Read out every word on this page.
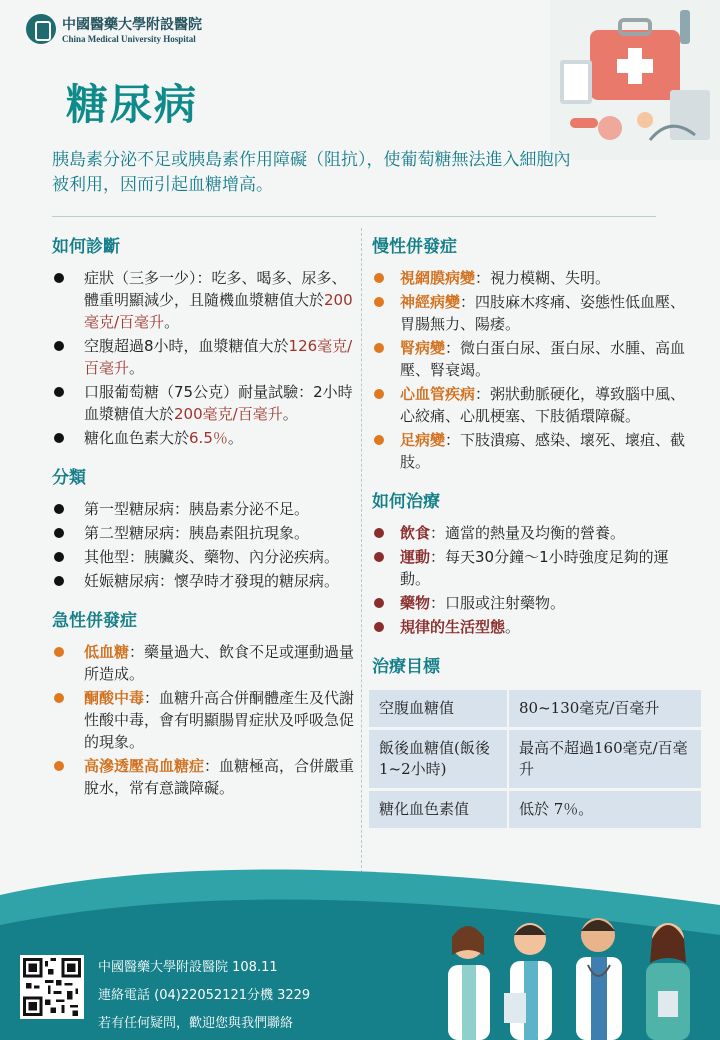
中國醫藥大學附設醫院
China Medical University Hospital
糖尿病
胰島素分泌不足或胰島素作用障礙（阻抗），使葡萄糖無法進入細胞內被利用，因而引起血糖增高。
如何診斷
症狀（三多一少）：吃多、喝多、尿多、體重明顯減少，且隨機血漿糖值大於200毫克/百毫升。
空腹超過8小時，血漿糖值大於126毫克/百毫升。
口服葡萄糖（75公克）耐量試驗：2小時血漿糖值大於200毫克/百毫升。
糖化血色素大於6.5％。
分類
第一型糖尿病：胰島素分泌不足。
第二型糖尿病：胰島素阻抗現象。
其他型：胰臟炎、藥物、內分泌疾病。
妊娠糖尿病：懷孕時才發現的糖尿病。
急性併發症
低血糖：藥量過大、飲食不足或運動過量所造成。
酮酸中毒：血糖升高合併酮體產生及代謝性酸中毒，會有明顯腸胃症狀及呼吸急促的現象。
高滲透壓高血糖症：血糖極高，合併嚴重脫水，常有意識障礙。
慢性併發症
視網膜病變：視力模糊、失明。
神經病變：四肢麻木疼痛、姿態性低血壓、胃腸無力、陽痿。
腎病變：微白蛋白尿、蛋白尿、水腫、高血壓、腎衰竭。
心血管疾病：粥狀動脈硬化，導致腦中風、心絞痛、心肌梗塞、下肢循環障礙。
足病變：下肢潰瘍、感染、壞死、壞疽、截肢。
如何治療
飲食：適當的熱量及均衡的營養。
運動：每天30分鐘～1小時強度足夠的運動。
藥物：口服或注射藥物。
規律的生活型態。
治療目標
空腹血糖值	80~130毫克/百毫升
飯後血糖值(飯後1~2小時)	最高不超過160毫克/百毫升
糖化血色素值	低於 7％。
中國醫藥大學附設醫院 108.11
連絡電話 (04)22052121分機 3229
若有任何疑問，歡迎您與我們聯絡
